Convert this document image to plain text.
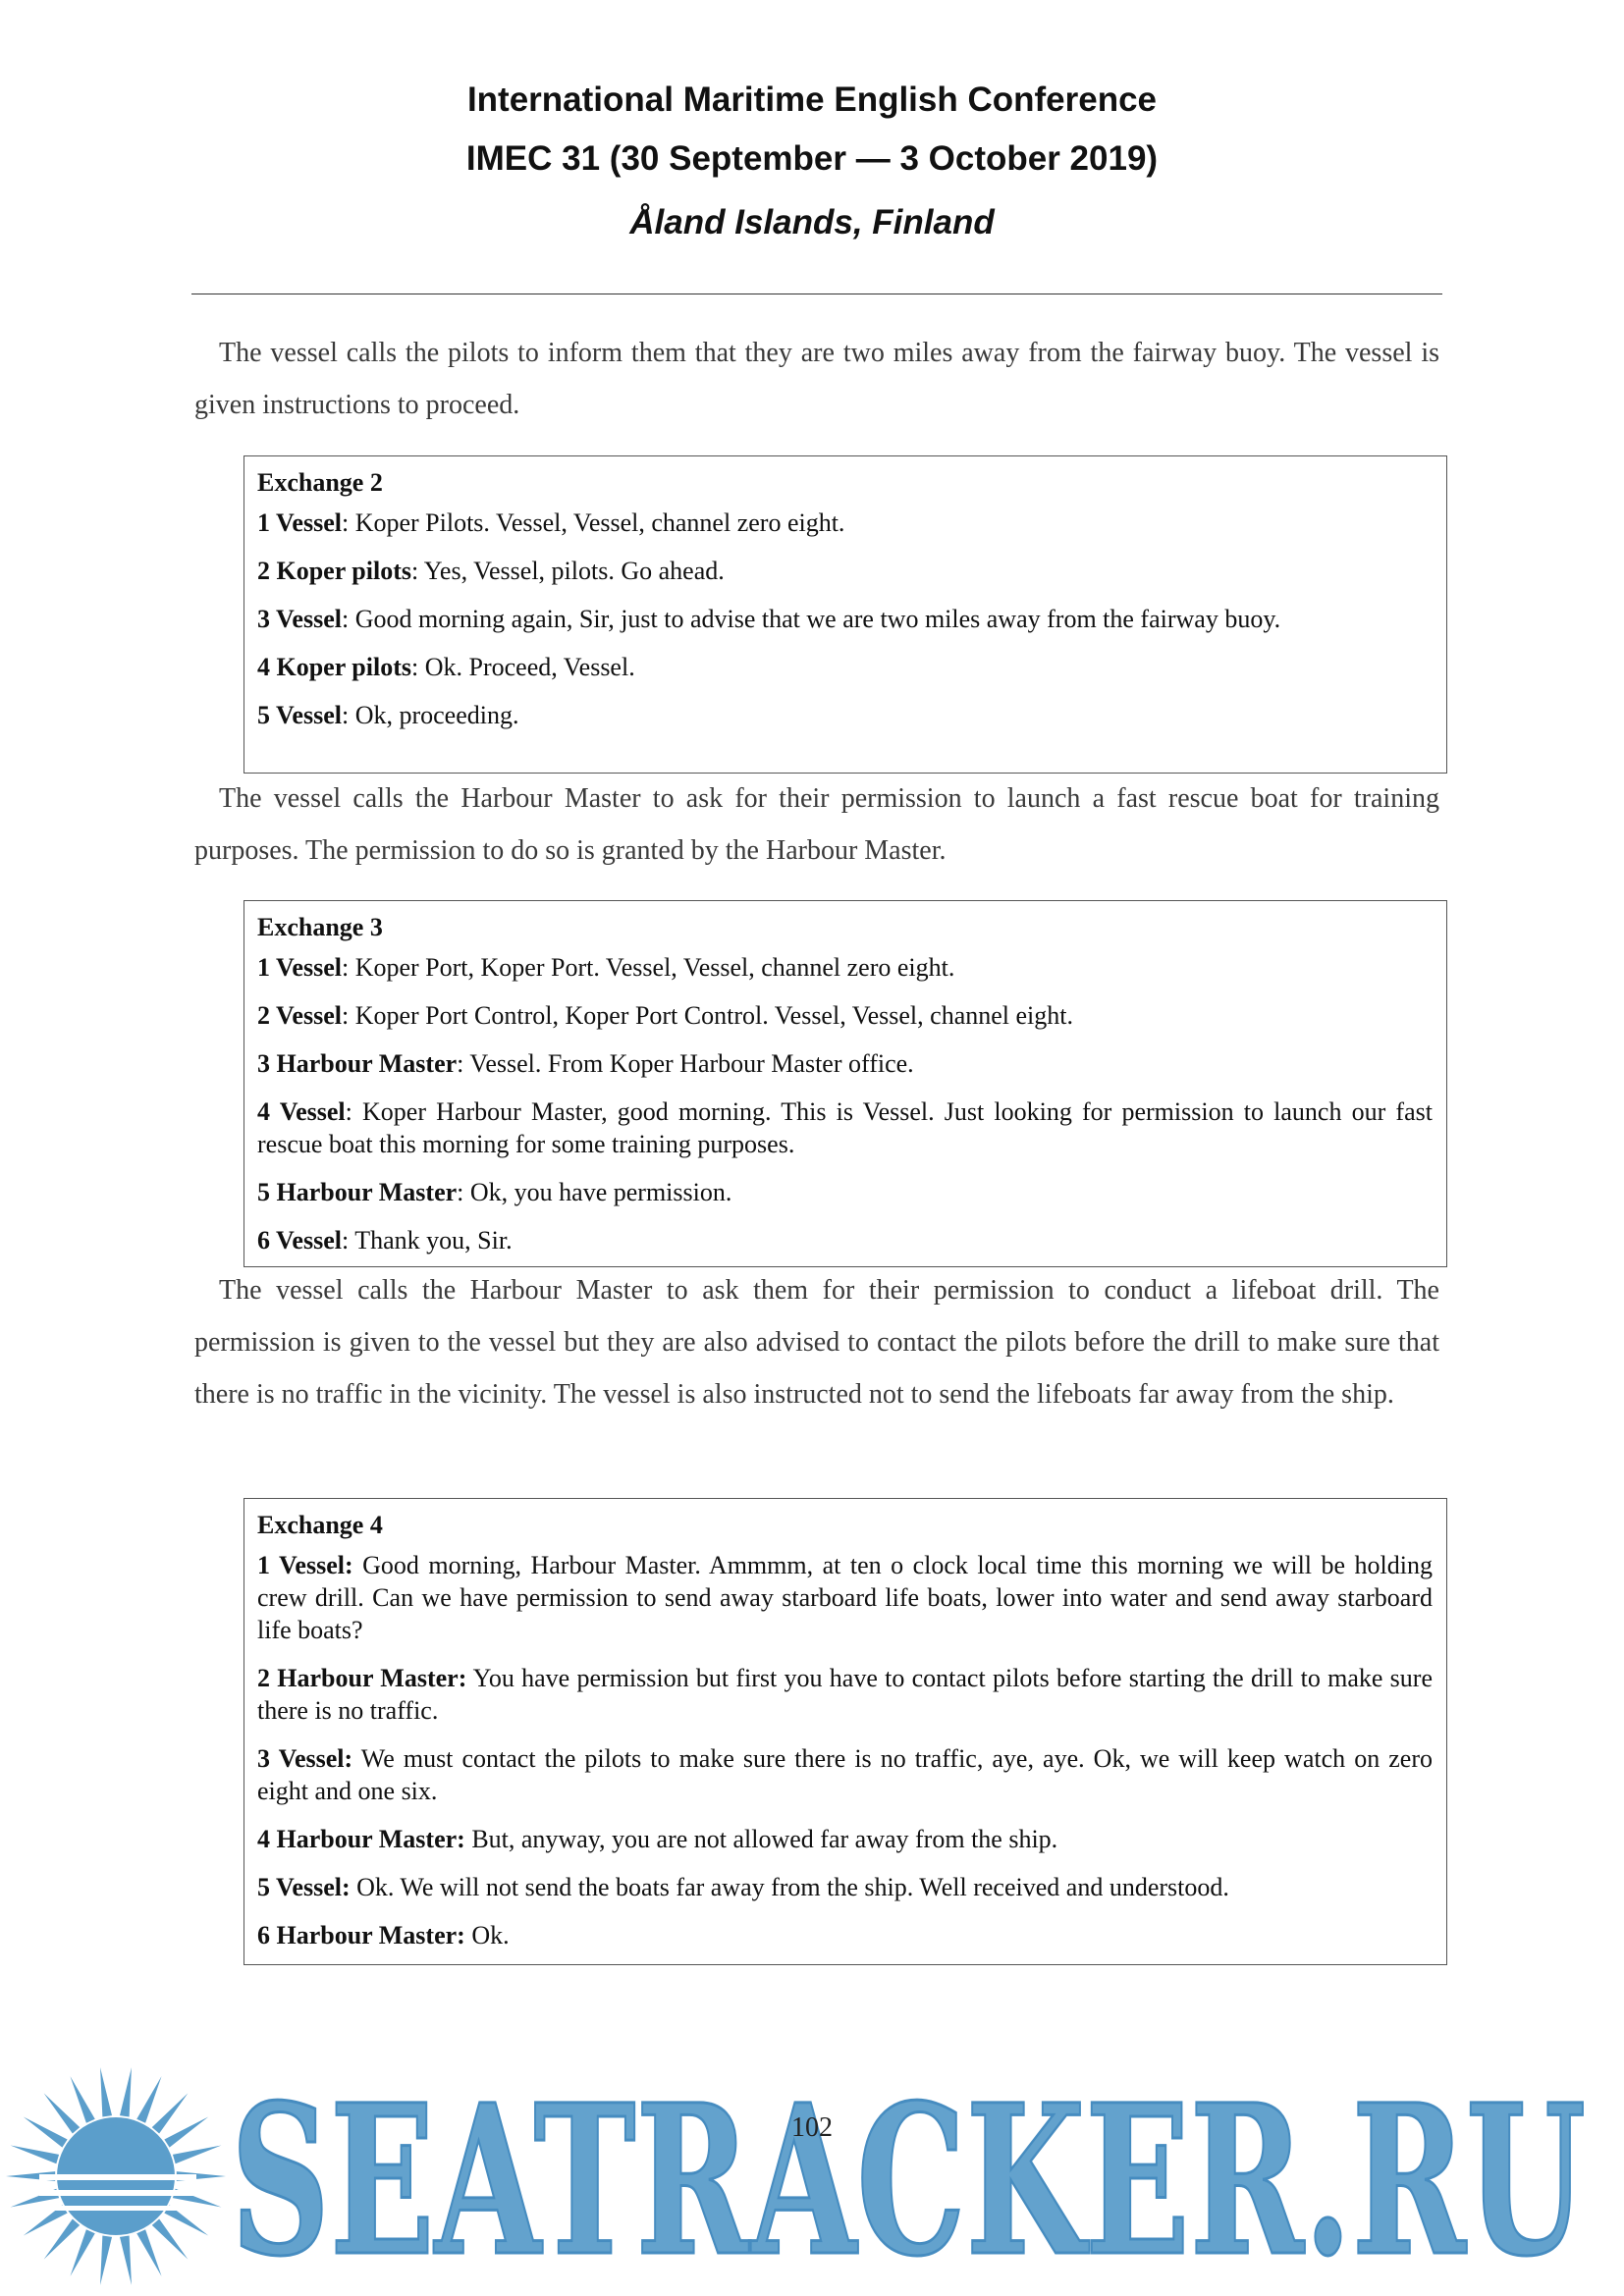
International Maritime English Conference
IMEC 31 (30 September — 3 October 2019)
Åland Islands, Finland

The vessel calls the pilots to inform them that they are two miles away from the fairway buoy. The vessel is given instructions to proceed.

Exchange 2

1 Vessel: Koper Pilots. Vessel, Vessel, channel zero eight.

2 Koper pilots: Yes, Vessel, pilots. Go ahead.

3 Vessel: Good morning again, Sir, just to advise that we are two miles away from the fairway buoy.

4 Koper pilots: Ok. Proceed, Vessel.

5 Vessel: Ok, proceeding.

The vessel calls the Harbour Master to ask for their permission to launch a fast rescue boat for training purposes. The permission to do so is granted by the Harbour Master.

Exchange 3

1 Vessel: Koper Port, Koper Port. Vessel, Vessel, channel zero eight.

2 Vessel: Koper Port Control, Koper Port Control. Vessel, Vessel, channel eight.

3 Harbour Master: Vessel. From Koper Harbour Master office.

4 Vessel: Koper Harbour Master, good morning. This is Vessel. Just looking for permission to launch our fast rescue boat this morning for some training purposes.

5 Harbour Master: Ok, you have permission.

6 Vessel: Thank you, Sir.

The vessel calls the Harbour Master to ask them for their permission to conduct a lifeboat drill. The permission is given to the vessel but they are also advised to contact the pilots before the drill to make sure that there is no traffic in the vicinity. The vessel is also instructed not to send the lifeboats far away from the ship.

Exchange 4

1 Vessel: Good morning, Harbour Master. Ammmm, at ten o clock local time this morning we will be holding crew drill. Can we have permission to send away starboard life boats, lower into water and send away starboard life boats?

2 Harbour Master: You have permission but first you have to contact pilots before starting the drill to make sure there is no traffic.

3 Vessel: We must contact the pilots to make sure there is no traffic, aye, aye. Ok, we will keep watch on zero eight and one six.

4 Harbour Master: But, anyway, you are not allowed far away from the ship.

5 Vessel: Ok. We will not send the boats far away from the ship. Well received and understood.

6 Harbour Master: Ok.

SEATRACKER.RU
102
